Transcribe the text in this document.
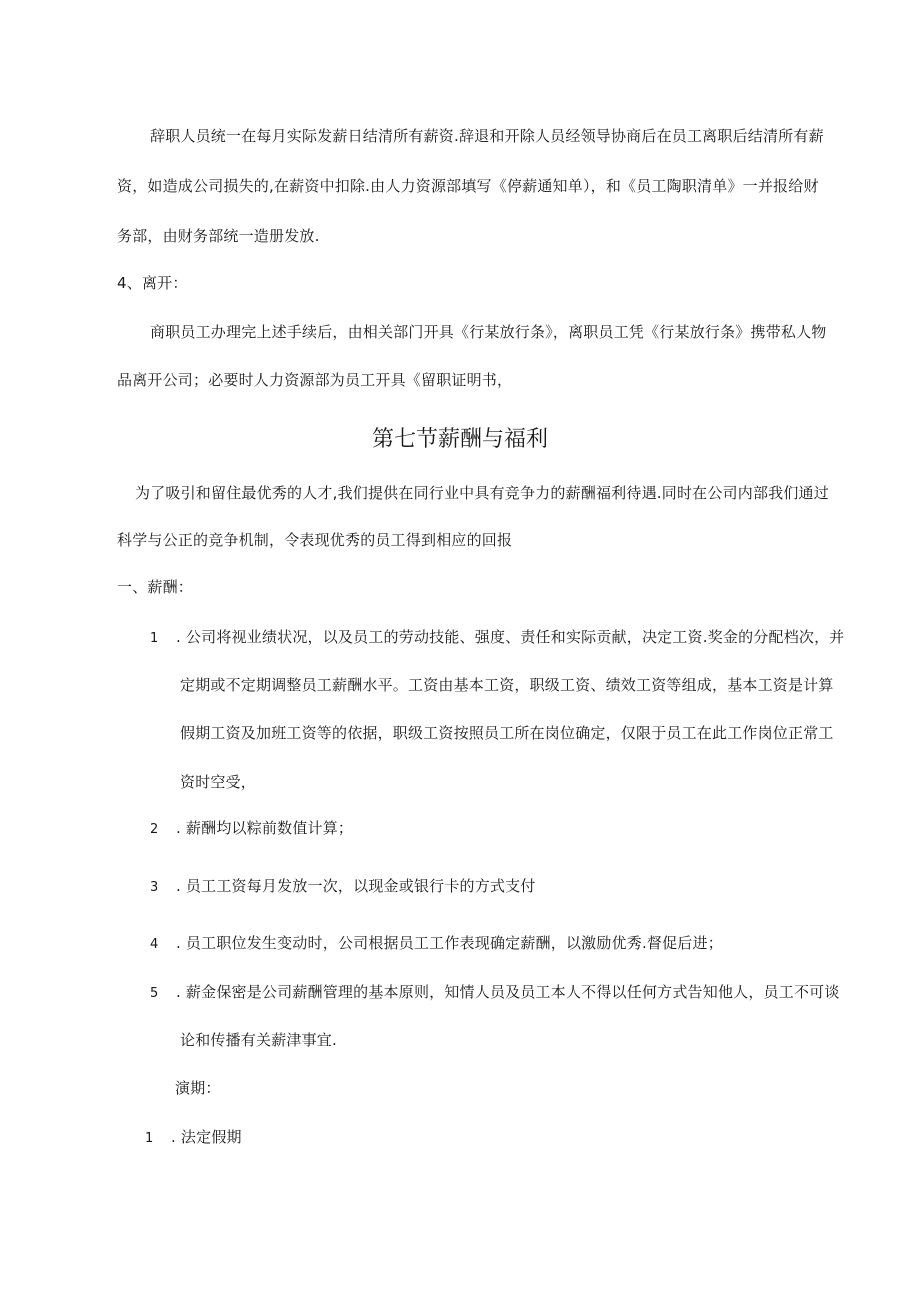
辞职人员统一在每月实际发薪日结清所有薪资.辞退和开除人员经领导协商后在员工离职后结清所有薪
资，如造成公司损失的,在薪资中扣除.由人力资源部填写《停薪通知单），和《员工陶职清单》一并报给财
务部，由财务部统一造册发放.
4、离开：
商职员工办理完上述手续后，由相关部门开具《行某放行条》，离职员工凭《行某放行条》携带私人物
品离开公司；必要时人力资源部为员工开具《留职证明书，
第七节薪酬与福利
为了吸引和留住最优秀的人才,我们提供在同行业中具有竞争力的薪酬福利待遇.同时在公司内部我们通过
科学与公正的竞争机制，令表现优秀的员工得到相应的回报
一、薪酬：
1 . 公司将视业绩状况，以及员工的劳动技能、强度、责任和实际贡献，决定工资.奖金的分配档次，并
定期或不定期调整员工薪酬水平。工资由基本工资，职级工资、绩效工资等组成，基本工资是计算
假期工资及加班工资等的依据，职级工资按照员工所在岗位确定，仅限于员工在此工作岗位正常工
资时空受，
2 . 薪酬均以粽前数值计算；
3 . 员工工资每月发放一次，以现金或银行卡的方式支付
4 . 员工职位发生变动时，公司根据员工工作表现确定薪酬，以激励优秀.督促后进；
5 . 薪金保密是公司薪酬管理的基本原则，知情人员及员工本人不得以任何方式告知他人，员工不可谈
论和传播有关薪津事宜.
演期：
1 . 法定假期
